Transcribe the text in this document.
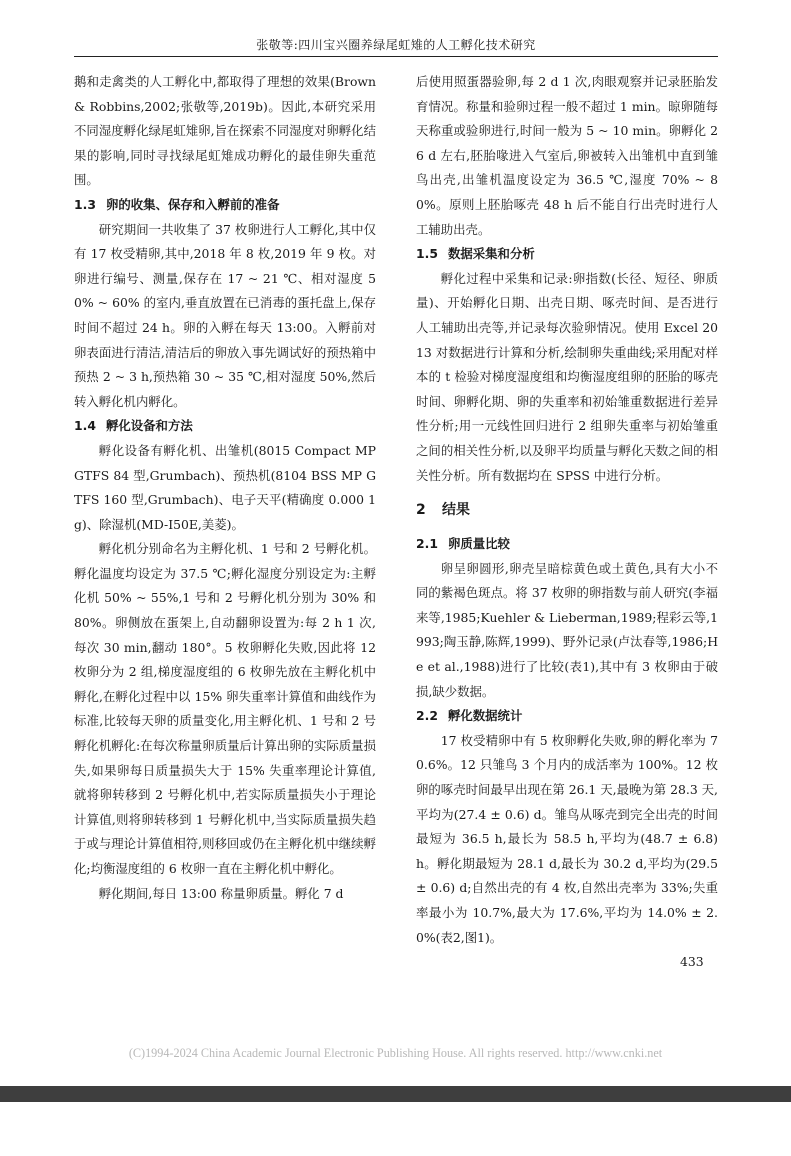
张敬等:四川宝兴圈养绿尾虹雉的人工孵化技术研究

鹅和走禽类的人工孵化中,都取得了理想的效果(Brown & Robbins,2002;张敬等,2019b)。因此,本研究采用不同湿度孵化绿尾虹雉卵,旨在探索不同湿度对卵孵化结果的影响,同时寻找绿尾虹雉成功孵化的最佳卵失重范围。

1.3 卵的收集、保存和入孵前的准备

研究期间一共收集了 37 枚卵进行人工孵化,其中仅有 17 枚受精卵,其中,2018 年 8 枚,2019 年 9 枚。对卵进行编号、测量,保存在 17 ~ 21 ℃、相对湿度 50% ~ 60% 的室内,垂直放置在已消毒的蛋托盘上,保存时间不超过 24 h。卵的入孵在每天 13:00。入孵前对卵表面进行清洁,清洁后的卵放入事先调试好的预热箱中预热 2 ~ 3 h,预热箱 30 ~ 35 ℃,相对湿度 50%,然后转入孵化机内孵化。

1.4 孵化设备和方法

孵化设备有孵化机、出雏机(8015 Compact MP GTFS 84 型,Grumbach)、预热机(8104 BSS MP GTFS 160 型,Grumbach)、电子天平(精确度 0.000 1 g)、除湿机(MD-I50E,美菱)。

孵化机分别命名为主孵化机、1 号和 2 号孵化机。孵化温度均设定为 37.5 ℃;孵化湿度分别设定为:主孵化机 50% ~ 55%,1 号和 2 号孵化机分别为 30% 和 80%。卵侧放在蛋架上,自动翻卵设置为:每 2 h 1 次,每次 30 min,翻动 180°。5 枚卵孵化失败,因此将 12 枚卵分为 2 组,梯度湿度组的 6 枚卵先放在主孵化机中孵化,在孵化过程中以 15% 卵失重率计算值和曲线作为标准,比较每天卵的质量变化,用主孵化机、1 号和 2 号孵化机孵化:在每次称量卵质量后计算出卵的实际质量损失,如果卵每日质量损失大于 15% 失重率理论计算值,就将卵转移到 2 号孵化机中,若实际质量损失小于理论计算值,则将卵转移到 1 号孵化机中,当实际质量损失趋于或与理论计算值相符,则移回或仍在主孵化机中继续孵化;均衡湿度组的 6 枚卵一直在主孵化机中孵化。

孵化期间,每日 13:00 称量卵质量。孵化 7 d

后使用照蛋器验卵,每 2 d 1 次,肉眼观察并记录胚胎发育情况。称量和验卵过程一般不超过 1 min。晾卵随每天称重或验卵进行,时间一般为 5 ~ 10 min。卵孵化 26 d 左右,胚胎喙进入气室后,卵被转入出雏机中直到雏鸟出壳,出雏机温度设定为 36.5 ℃,湿度 70% ~ 80%。原则上胚胎啄壳 48 h 后不能自行出壳时进行人工辅助出壳。

1.5 数据采集和分析

孵化过程中采集和记录:卵指数(长径、短径、卵质量)、开始孵化日期、出壳日期、啄壳时间、是否进行人工辅助出壳等,并记录每次验卵情况。使用 Excel 2013 对数据进行计算和分析,绘制卵失重曲线;采用配对样本的 t 检验对梯度湿度组和均衡湿度组卵的胚胎的啄壳时间、卵孵化期、卵的失重率和初始雏重数据进行差异性分析;用一元线性回归进行 2 组卵失重率与初始雏重之间的相关性分析,以及卵平均质量与孵化天数之间的相关性分析。所有数据均在 SPSS 中进行分析。

2 结果
2.1 卵质量比较

卵呈卵圆形,卵壳呈暗棕黄色或土黄色,具有大小不同的紫褐色斑点。将 37 枚卵的卵指数与前人研究(李福来等,1985;Kuehler & Lieberman,1989;程彩云等,1993;陶玉静,陈辉,1999)、野外记录(卢汰春等,1986;He et al.,1988)进行了比较(表1),其中有 3 枚卵由于破损,缺少数据。

2.2 孵化数据统计

17 枚受精卵中有 5 枚卵孵化失败,卵的孵化率为 70.6%。12 只雏鸟 3 个月内的成活率为 100%。12 枚卵的啄壳时间最早出现在第 26.1 天,最晚为第 28.3 天,平均为(27.4 ± 0.6) d。雏鸟从啄壳到完全出壳的时间最短为 36.5 h,最长为 58.5 h,平均为(48.7 ± 6.8) h。孵化期最短为 28.1 d,最长为 30.2 d,平均为(29.5 ± 0.6) d;自然出壳的有 4 枚,自然出壳率为 33%;失重率最小为 10.7%,最大为 17.6%,平均为 14.0% ± 2.0%(表2,图1)。

433
(C)1994-2024 China Academic Journal Electronic Publishing House. All rights reserved. http://www.cnki.net
